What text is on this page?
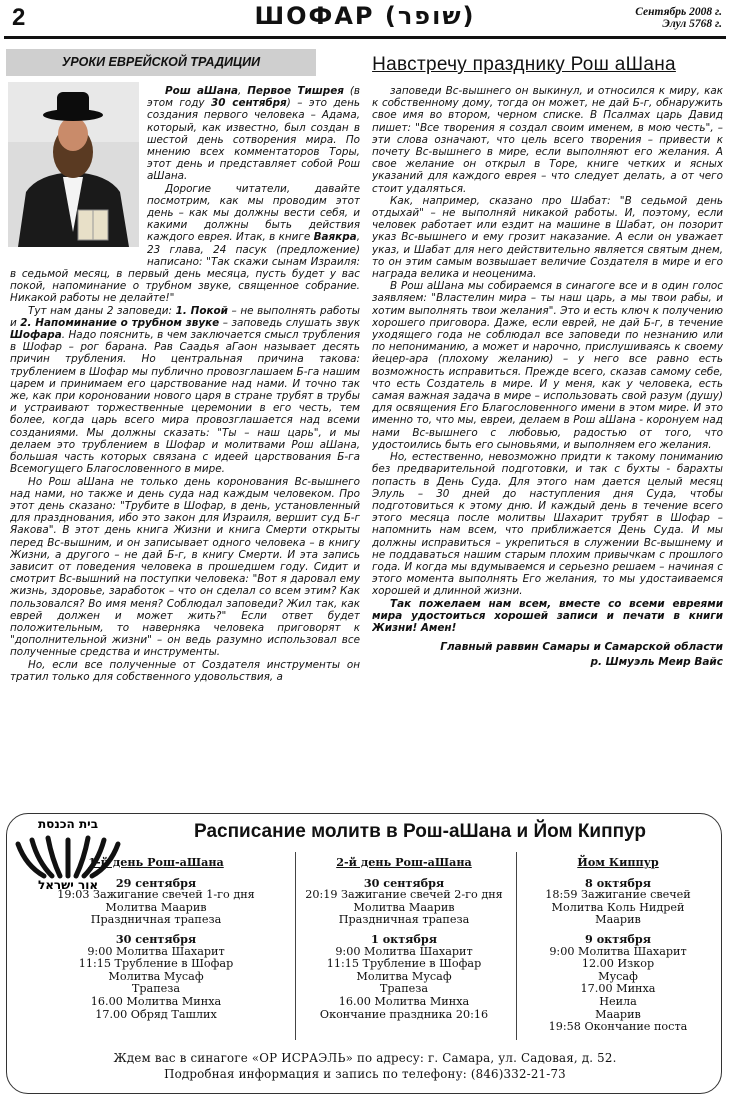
2	ШОФАР (שופר)	Сентябрь 2008 г.
Элул 5768 г.
УРОКИ ЕВРЕЙСКОЙ ТРАДИЦИИ	Навстречу празднику Рош аШана

Рош аШана, Первое Тишрея (в этом году 30 сентября) – это день создания первого человека – Адама, который, как известно, был создан в шестой день сотворения мира. По мнению всех комментаторов Торы, этот день и представляет собой Рош аШана.

Дорогие читатели, давайте посмотрим, как мы проводим этот день – как мы должны вести себя, и какими должны быть действия каждого еврея. Итак, в книге Ваякра, 23 глава, 24 пасук (предложение) написано: "Так скажи сынам Израиля: в седьмой месяц, в первый день месяца, пусть будет у вас покой, напоминание о трубном звуке, священное собрание. Никакой работы не делайте!"

Тут нам даны 2 заповеди: 1. Покой – не выполнять работы и 2. Напоминание о трубном звуке – заповедь слушать звук Шофара. Надо пояснить, в чем заключается смысл трубления в Шофар – рог барана. Рав Саадья аГаон называет десять причин трубления. Но центральная причина такова: трублением в Шофар мы публично провозглашаем Б-га нашим царем и принимаем его царствование над нами. И точно так же, как при короновании нового царя в стране трубят в трубы и устраивают торжественные церемонии в его честь, тем более, когда царь всего мира провозглашается над всеми созданиями. Мы должны сказать: "Ты – наш царь", и мы делаем это трублением в Шофар и молитвами Рош аШана, большая часть которых связана с идеей царствования Б-га Всемогущего Благословенного в мире.

Но Рош аШана не только день коронования Вс-вышнего над нами, но также и день суда над каждым человеком. Про этот день сказано: "Трубите в Шофар, в день, установленный для празднования, ибо это закон для Израиля, вершит суд Б-г Яакова". В этот день книга Жизни и книга Смерти открыты перед Вс-вышним, и он записывает одного человека – в книгу Жизни, а другого – не дай Б-г, в книгу Смерти. И эта запись зависит от поведения человека в прошедшем году. Сидит и смотрит Вс-вышний на поступки человека: "Вот я даровал ему жизнь, здоровье, заработок – что он сделал со всем этим? Как пользовался? Во имя меня? Соблюдал заповеди? Жил так, как еврей должен и может жить?" Если ответ будет положительным, то наверняка человека приговорят к "дополнительной жизни" – он ведь разумно использовал все полученные средства и инструменты.

Но, если все полученные от Создателя инструменты он тратил только для собственного удовольствия, а

заповеди Вс-вышнего он выкинул, и относился к миру, как к собственному дому, тогда он может, не дай Б-г, обнаружить свое имя во втором, черном списке. В Псалмах царь Давид пишет: "Все творения я создал своим именем, в мою честь", – эти слова означают, что цель всего творения – привести к почету Вс-вышнего в мире, если выполняют его желания. А свое желание он открыл в Торе, книге четких и ясных указаний для каждого еврея – что следует делать, а от чего стоит удаляться.

Как, например, сказано про Шабат: "В седьмой день отдыхай" – не выполняй никакой работы. И, поэтому, если человек работает или ездит на машине в Шабат, он позорит указ Вс-вышнего и ему грозит наказание. А если он уважает указ, и Шабат для него действительно является святым днем, то он этим самым возвышает величие Создателя в мире и его награда велика и неоценима.

В Рош аШана мы собираемся в синагоге все и в один голос заявляем: "Властелин мира – ты наш царь, а мы твои рабы, и хотим выполнять твои желания". Это и есть ключ к получению хорошего приговора. Даже, если еврей, не дай Б-г, в течение уходящего года не соблюдал все заповеди по незнанию или по непониманию, а может и нарочно, прислушиваясь к своему йецер-ара (плохому желанию) – у него все равно есть возможность исправиться. Прежде всего, сказав самому себе, что есть Создатель в мире. И у меня, как у человека, есть самая важная задача в мире – использовать свой разум (душу) для освящения Его Благословенного имени в этом мире. И это именно то, что мы, евреи, делаем в Рош аШана - коронуем над нами Вс-вышнего с любовью, радостью от того, что удостоились быть его сыновьями, и выполняем его желания.

Но, естественно, невозможно придти к такому пониманию без предварительной подготовки, и так с бухты - барахты попасть в День Суда. Для этого нам дается целый месяц Элуль – 30 дней до наступления дня Суда, чтобы подготовиться к этому дню. И каждый день в течение всего этого месяца после молитвы Шахарит трубят в Шофар – напомнить нам всем, что приближается День Суда. И мы должны исправиться – укрепиться в служении Вс-вышнему и не поддаваться нашим старым плохим привычкам с прошлого года. И когда мы вдумываемся и серьезно решаем – начиная с этого момента выполнять Его желания, то мы удостаиваемся хорошей и длинной жизни.

Так пожелаем нам всем, вместе со всеми евреями мира удостоиться хорошей записи и печати в книги Жизни! Амен!

Главный раввин Самары и Самарской области
р. Шмуэль Меир Вайс
בית הכנסת
אור ישראל
Расписание молитв в Рош-аШана и Йом Киппур
1-й день Рош-аШана
29 сентября
19:03 Зажигание свечей 1-го дня
Молитва Маарив
Праздничная трапеза
30 сентября
9:00 Молитва Шахарит
11:15 Трубление в Шофар
Молитва Мусаф
Трапеза
16.00 Молитва Минха
17.00 Обряд Ташлих
2-й день Рош-аШана
30 сентября
20:19 Зажигание свечей 2-го дня
Молитва Маарив
Праздничная трапеза
1 октября
9:00 Молитва Шахарит
11:15 Трубление в Шофар
Молитва Мусаф
Трапеза
16.00 Молитва Минха
Окончание праздника 20:16
Йом Киппур
8 октября
18:59 Зажигание свечей
Молитва Коль Нидрей
Маарив
9 октября
9:00 Молитва Шахарит
12.00 Изкор
Мусаф
17.00 Минха
Неила
Маарив
19:58 Окончание поста
Ждем вас в синагоге «ОР ИСРАЭЛЬ» по адресу: г. Самара, ул. Садовая, д. 52.
Подробная информация и запись по телефону: (846)332-21-73
